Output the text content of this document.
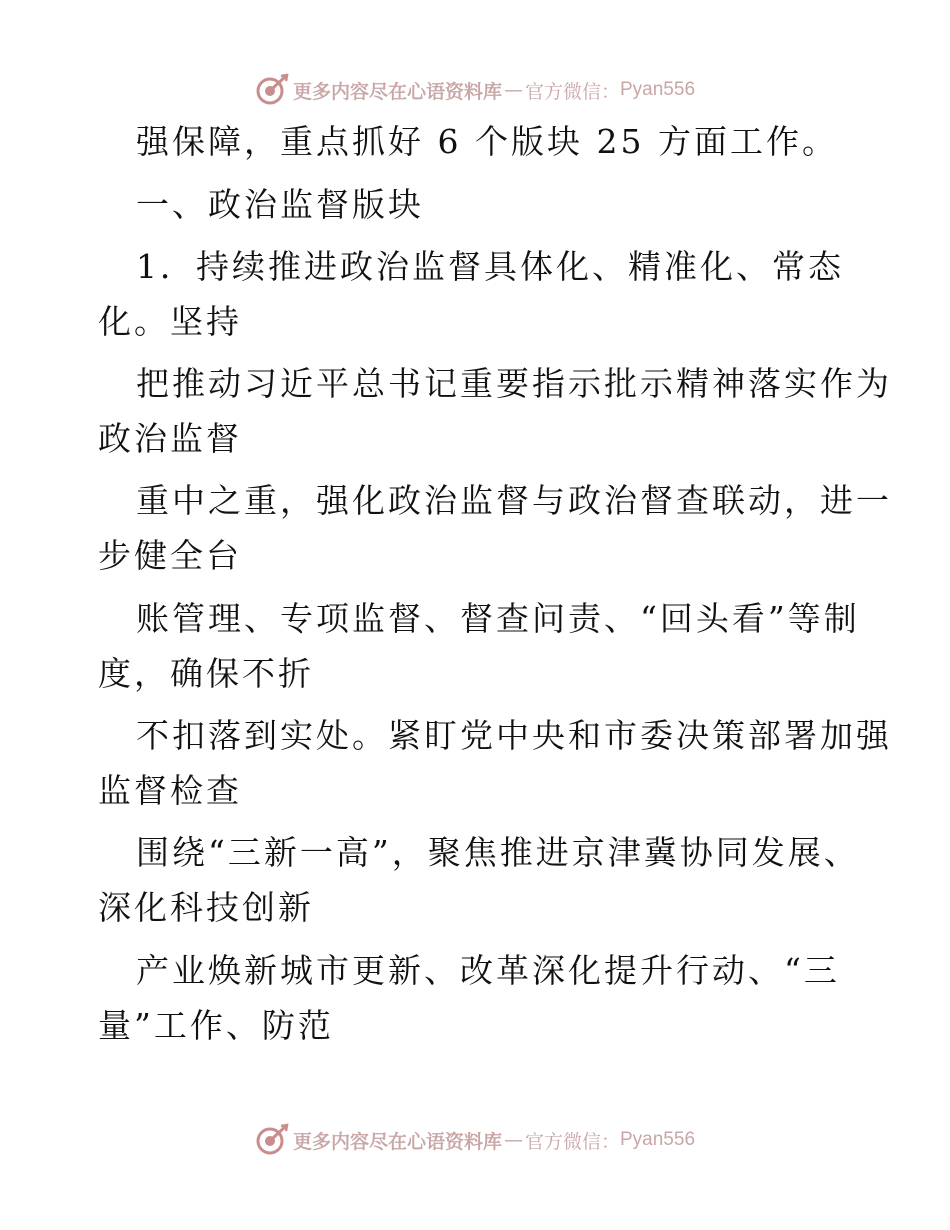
更多内容尽在心语资料库 — 官方微信： Pyan556
强保障，重点抓好 6 个版块 25 方面工作。
一、政治监督版块
1．持续推进政治监督具体化、精准化、常态
化。坚持
把推动习近平总书记重要指示批示精神落实作为
政治监督
重中之重，强化政治监督与政治督查联动，进一
步健全台
账管理、专项监督、督查问责、“回头看”等制
度，确保不折
不扣落到实处。紧盯党中央和市委决策部署加强
监督检查
围绕“三新一高”，聚焦推进京津冀协同发展、
深化科技创新
产业焕新城市更新、改革深化提升行动、“三
量”工作、防范
更多内容尽在心语资料库 — 官方微信： Pyan556
